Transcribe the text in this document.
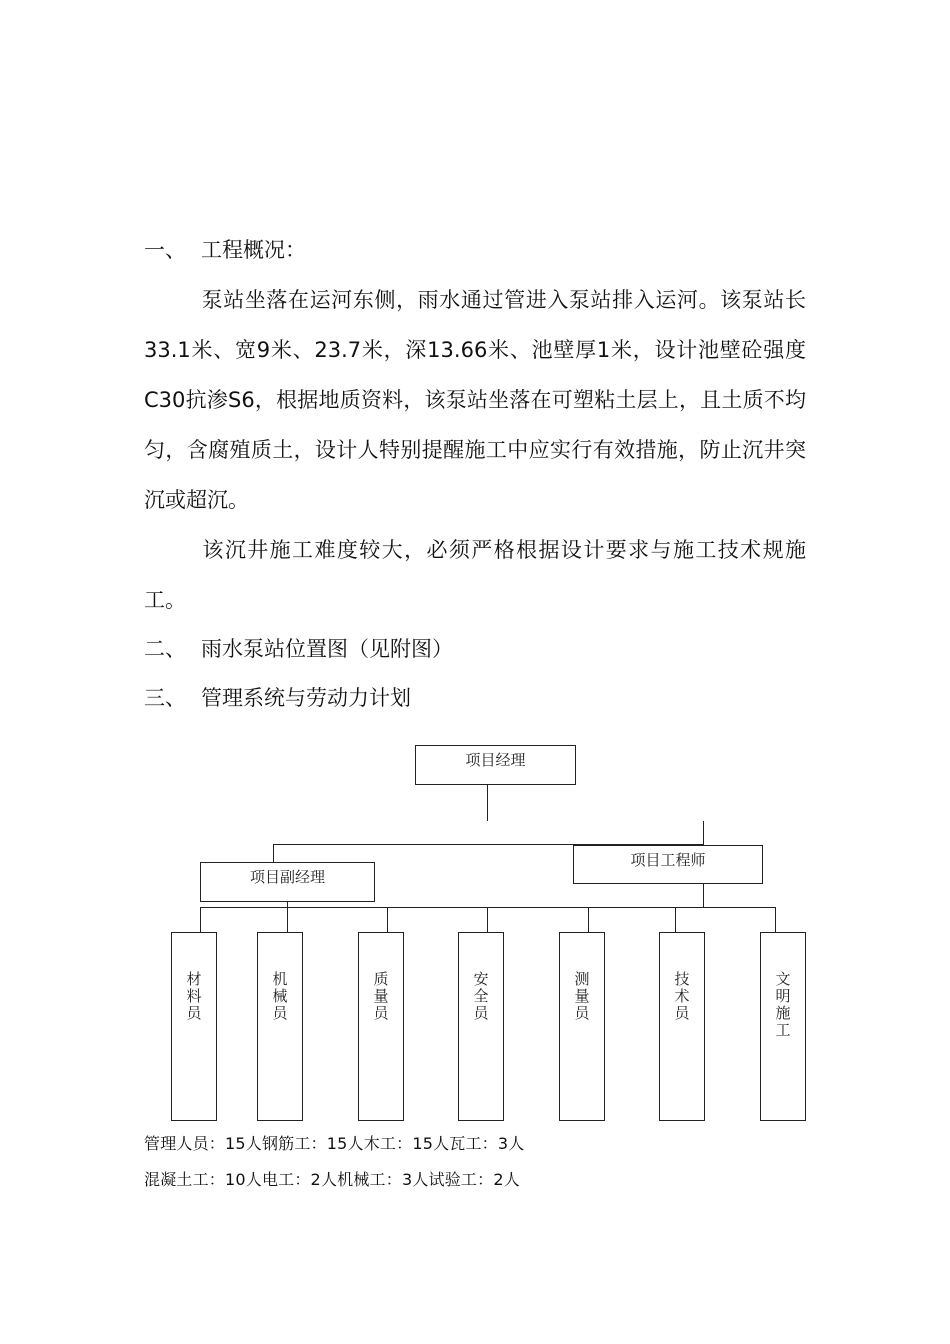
一、 工程概况：
泵站坐落在运河东侧，雨水通过管进入泵站排入运河。该泵站长33.1米、宽9米、23.7米，深13.66米、池壁厚1米，设计池壁砼强度C30抗渗S6，根据地质资料，该泵站坐落在可塑粘土层上，且土质不均匀，含腐殖质土，设计人特别提醒施工中应实行有效措施，防止沉井突沉或超沉。
该沉井施工难度较大，必须严格根据设计要求与施工技术规施工。
二、 雨水泵站位置图（见附图）
三、 管理系统与劳动力计划
项目经理
项目副经理
项目工程师
材料员
机械员
质量员
安全员
测量员
技术员
文明施工
管理人员：15人钢筋工：15人木工：15人瓦工：3人
混凝土工：10人电工：2人机械工：3人试验工：2人
